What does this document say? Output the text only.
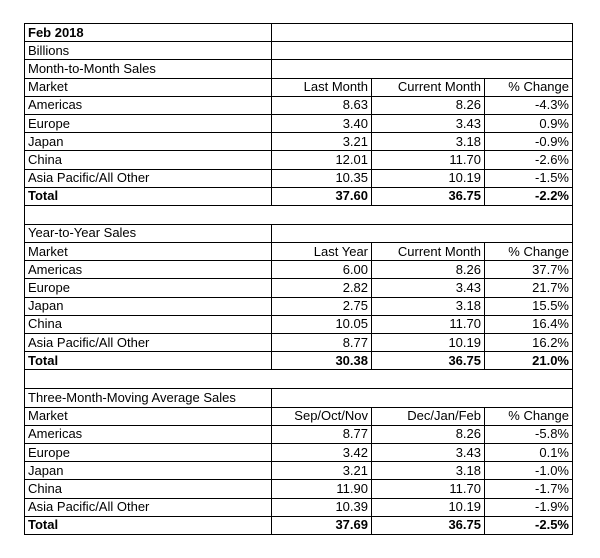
Feb 2018			
Billions			
Month-to-Month Sales			
Market	Last Month	Current Month	% Change
Americas	8.63	8.26	-4.3%
Europe	3.40	3.43	0.9%
Japan	3.21	3.18	-0.9%
China	12.01	11.70	-2.6%
Asia Pacific/All Other	10.35	10.19	-1.5%
Total	37.60	36.75	-2.2%

Year-to-Year Sales			
Market	Last Year	Current Month	% Change
Americas	6.00	8.26	37.7%
Europe	2.82	3.43	21.7%
Japan	2.75	3.18	15.5%
China	10.05	11.70	16.4%
Asia Pacific/All Other	8.77	10.19	16.2%
Total	30.38	36.75	21.0%

Three-Month-Moving Average Sales			
Market	Sep/Oct/Nov	Dec/Jan/Feb	% Change
Americas	8.77	8.26	-5.8%
Europe	3.42	3.43	0.1%
Japan	3.21	3.18	-1.0%
China	11.90	11.70	-1.7%
Asia Pacific/All Other	10.39	10.19	-1.9%
Total	37.69	36.75	-2.5%
